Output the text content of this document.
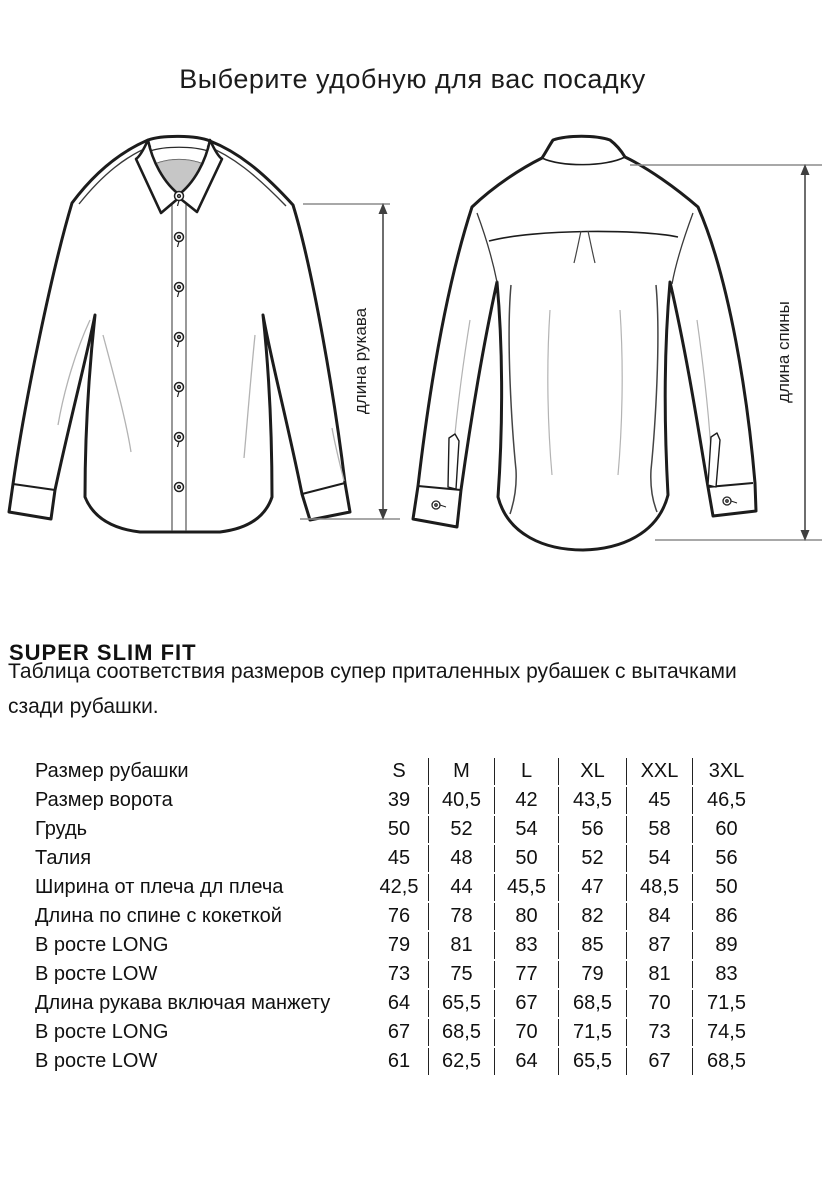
Выберите удобную для вас посадку
длина рукава	длина спины
SUPER SLIM FIT
Таблица соответствия размеров супер приталенных рубашек с вытачками
сзади рубашки.
Размер рубашки	S	M	L	XL	XXL	3XL
Размер ворота	39	40,5	42	43,5	45	46,5
Грудь	50	52	54	56	58	60
Талия	45	48	50	52	54	56
Ширина от плеча дл плеча	42,5	44	45,5	47	48,5	50
Длина по спине с кокеткой	76	78	80	82	84	86
В росте LONG	79	81	83	85	87	89
В росте LOW	73	75	77	79	81	83
Длина рукава включая манжету	64	65,5	67	68,5	70	71,5
В росте LONG	67	68,5	70	71,5	73	74,5
В росте LOW	61	62,5	64	65,5	67	68,5
